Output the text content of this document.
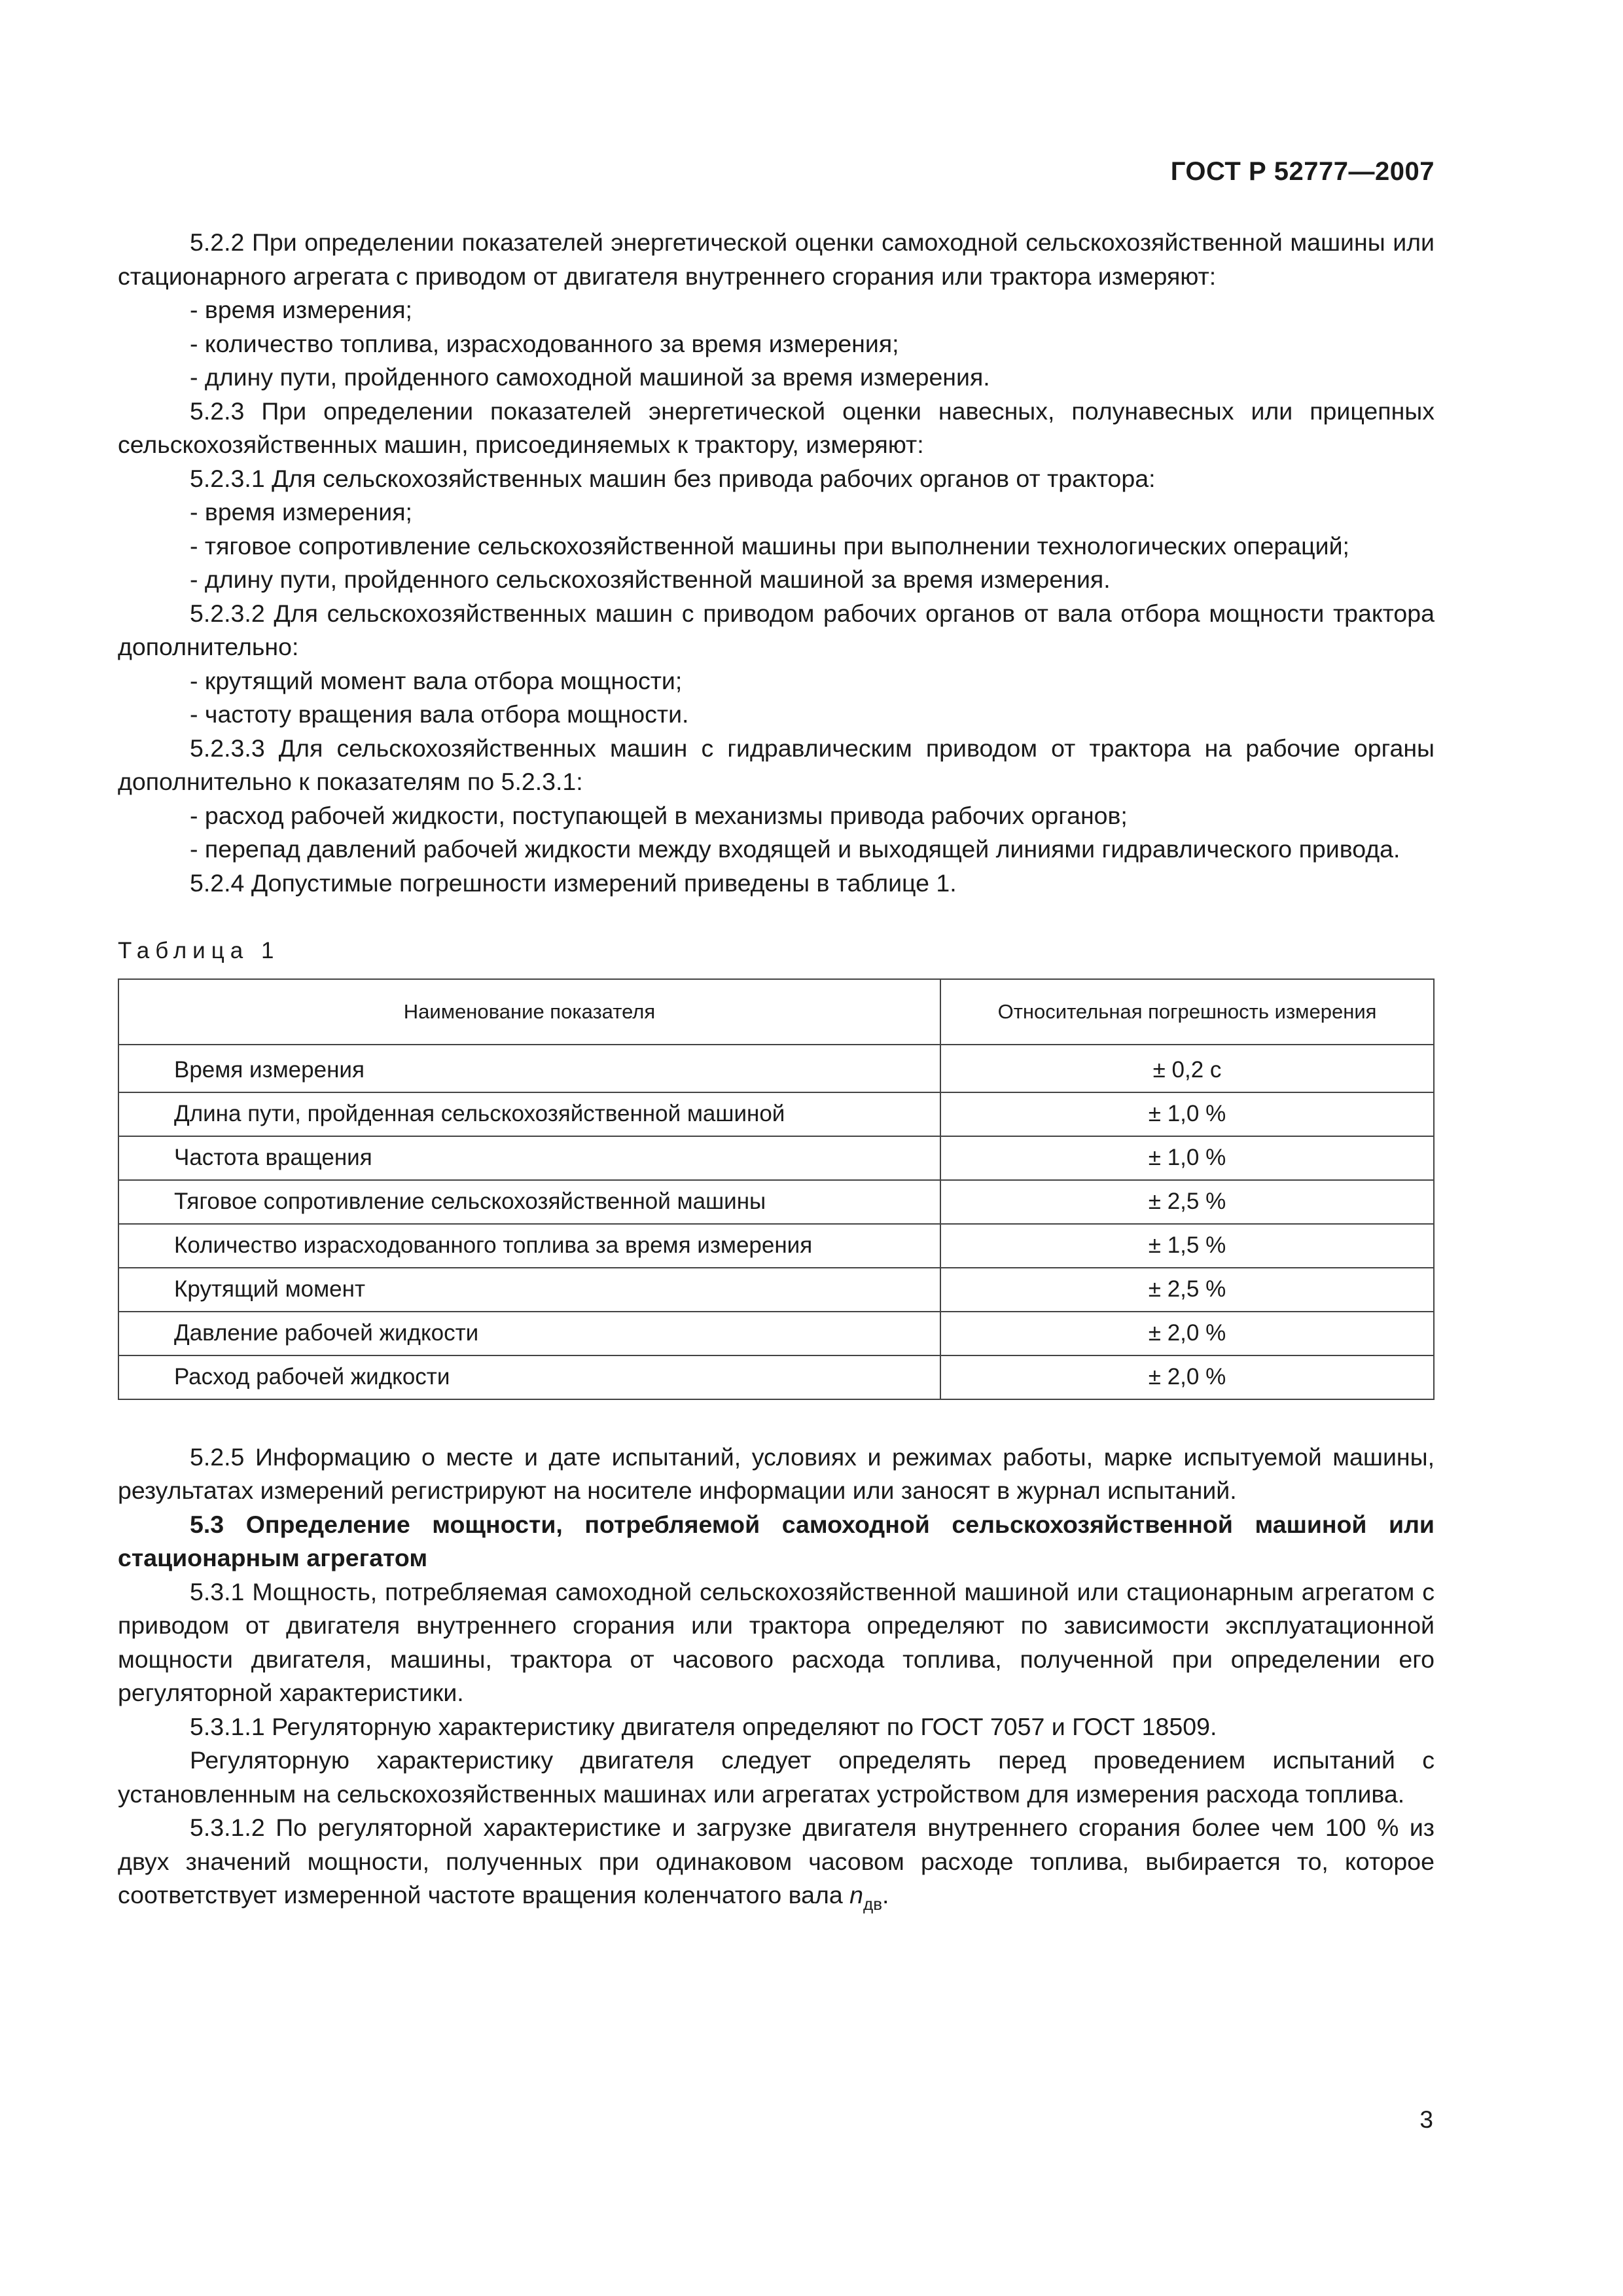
ГОСТ Р 52777—2007

5.2.2 При определении показателей энергетической оценки самоходной сельскохозяйственной машины или стационарного агрегата с приводом от двигателя внутреннего сгорания или трактора измеряют:

- время измерения;

- количество топлива, израсходованного за время измерения;

- длину пути, пройденного самоходной машиной за время измерения.

5.2.3 При определении показателей энергетической оценки навесных, полунавесных или прицепных сельскохозяйственных машин, присоединяемых к трактору, измеряют:

5.2.3.1 Для сельскохозяйственных машин без привода рабочих органов от трактора:

- время измерения;

- тяговое сопротивление сельскохозяйственной машины при выполнении технологических операций;

- длину пути, пройденного сельскохозяйственной машиной за время измерения.

5.2.3.2 Для сельскохозяйственных машин с приводом рабочих органов от вала отбора мощности трактора дополнительно:

- крутящий момент вала отбора мощности;

- частоту вращения вала отбора мощности.

5.2.3.3 Для сельскохозяйственных машин с гидравлическим приводом от трактора на рабочие органы дополнительно к показателям по 5.2.3.1:

- расход рабочей жидкости, поступающей в механизмы привода рабочих органов;

- перепад давлений рабочей жидкости между входящей и выходящей линиями гидравлического привода.

5.2.4 Допустимые погрешности измерений приведены в таблице 1.

Таблица 1
Наименование показателя	Относительная погрешность измерения

Время измерения	± 0,2 с
Длина пути, пройденная сельскохозяйственной машиной	± 1,0 %
Частота вращения	± 1,0 %
Тяговое сопротивление сельскохозяйственной машины	± 2,5 %
Количество израсходованного топлива за время измерения	± 1,5 %
Крутящий момент	± 2,5 %
Давление рабочей жидкости	± 2,0 %
Расход рабочей жидкости	± 2,0 %

5.2.5 Информацию о месте и дате испытаний, условиях и режимах работы, марке испытуемой машины, результатах измерений регистрируют на носителе информации или заносят в журнал испытаний.

5.3 Определение мощности, потребляемой самоходной сельскохозяйственной машиной или стационарным агрегатом

5.3.1 Мощность, потребляемая самоходной сельскохозяйственной машиной или стационарным агрегатом с приводом от двигателя внутреннего сгорания или трактора определяют по зависимости эксплуатационной мощности двигателя, машины, трактора от часового расхода топлива, полученной при определении его регуляторной характеристики.

5.3.1.1 Регуляторную характеристику двигателя определяют по ГОСТ 7057 и ГОСТ 18509.

Регуляторную характеристику двигателя следует определять перед проведением испытаний с установленным на сельскохозяйственных машинах или агрегатах устройством для измерения расхода топлива.

5.3.1.2 По регуляторной характеристике и загрузке двигателя внутреннего сгорания более чем 100 % из двух значений мощности, полученных при одинаковом часовом расходе топлива, выбирается то, которое соответствует измеренной частоте вращения коленчатого вала $n_{дв}$.

3
